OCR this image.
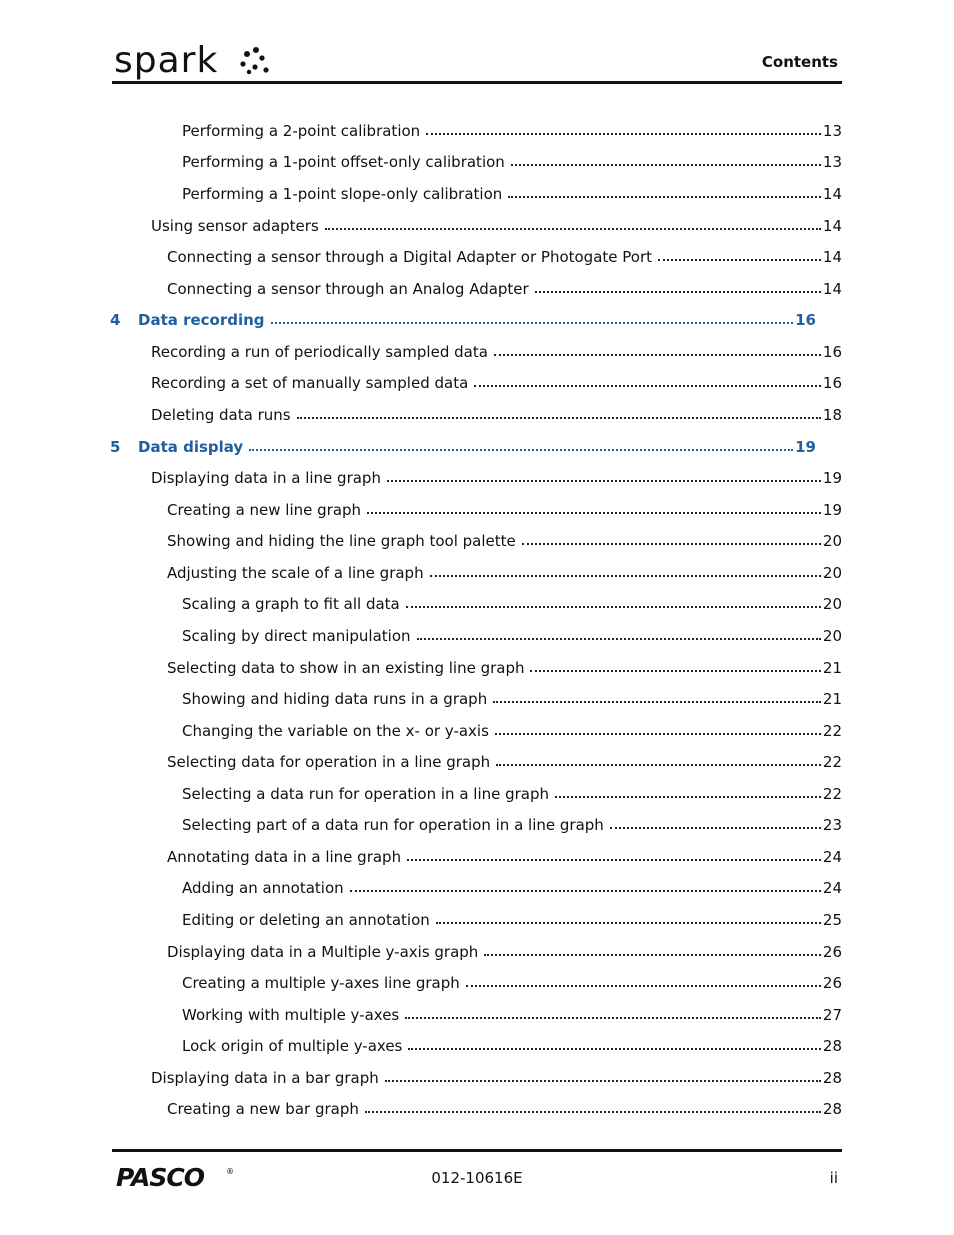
spark	Contents
Performing a 2-point calibration	13
Performing a 1-point offset-only calibration	13
Performing a 1-point slope-only calibration	14
Using sensor adapters	14
Connecting a sensor through a Digital Adapter or Photogate Port	14
Connecting a sensor through an Analog Adapter	14
4 Data recording	16
Recording a run of periodically sampled data	16
Recording a set of manually sampled data	16
Deleting data runs	18
5 Data display	19
Displaying data in a line graph	19
Creating a new line graph	19
Showing and hiding the line graph tool palette	20
Adjusting the scale of a line graph	20
Scaling a graph to fit all data	20
Scaling by direct manipulation	20
Selecting data to show in an existing line graph	21
Showing and hiding data runs in a graph	21
Changing the variable on the x- or y-axis	22
Selecting data for operation in a line graph	22
Selecting a data run for operation in a line graph	22
Selecting part of a data run for operation in a line graph	23
Annotating data in a line graph	24
Adding an annotation	24
Editing or deleting an annotation	25
Displaying data in a Multiple y-axis graph	26
Creating a multiple y-axes line graph	26
Working with multiple y-axes	27
Lock origin of multiple y-axes	28
Displaying data in a bar graph	28
Creating a new bar graph	28
PASCO	®	012-10616E	ii
